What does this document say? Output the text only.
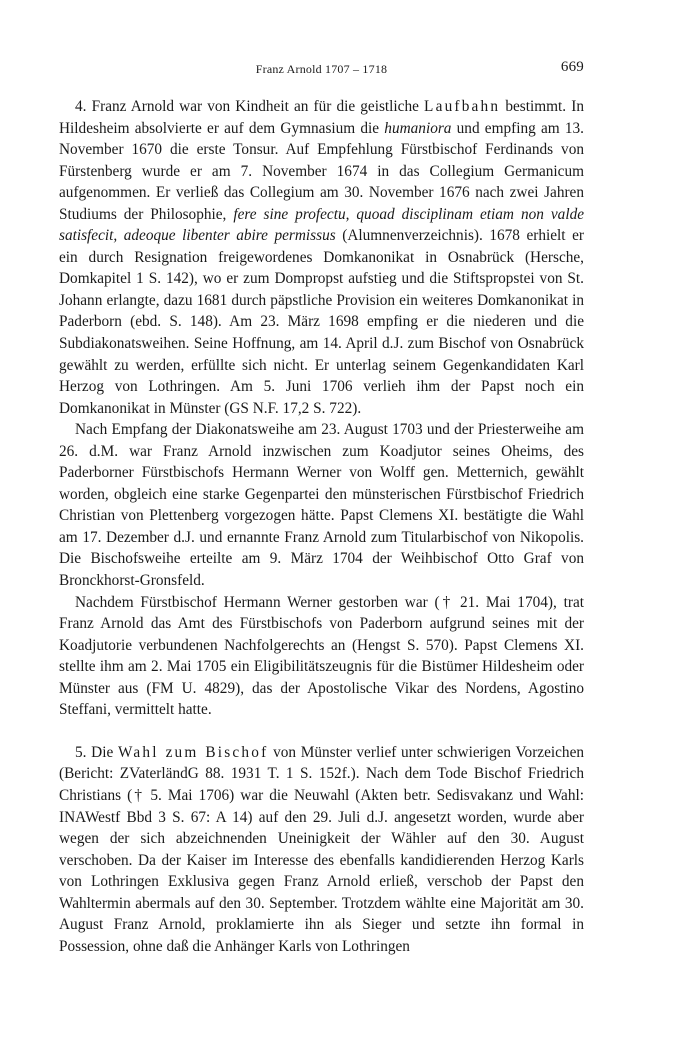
Franz Arnold 1707 – 1718	669

4. Franz Arnold war von Kindheit an für die geistliche Laufbahn bestimmt. In Hildesheim absolvierte er auf dem Gymnasium die humaniora und empfing am 13. November 1670 die erste Tonsur. Auf Empfehlung Fürstbischof Ferdinands von Fürstenberg wurde er am 7. November 1674 in das Collegium Germanicum aufgenommen. Er verließ das Collegium am 30. November 1676 nach zwei Jahren Studiums der Philosophie, fere sine profectu, quoad disciplinam etiam non valde satisfecit, adeoque libenter abire permissus (Alumnenverzeichnis). 1678 erhielt er ein durch Resignation freigewordenes Domkanonikat in Osnabrück (Hersche, Domkapitel 1 S. 142), wo er zum Dompropst aufstieg und die Stiftspropstei von St. Johann erlangte, dazu 1681 durch päpstliche Provision ein weiteres Domkanonikat in Paderborn (ebd. S. 148). Am 23. März 1698 empfing er die niederen und die Subdiakonatsweihen. Seine Hoffnung, am 14. April d.J. zum Bischof von Osnabrück gewählt zu werden, erfüllte sich nicht. Er unterlag seinem Gegenkandidaten Karl Herzog von Lothringen. Am 5. Juni 1706 verlieh ihm der Papst noch ein Domkanonikat in Münster (GS N.F. 17,2 S. 722).

Nach Empfang der Diakonatsweihe am 23. August 1703 und der Priesterweihe am 26. d.M. war Franz Arnold inzwischen zum Koadjutor seines Oheims, des Paderborner Fürstbischofs Hermann Werner von Wolff gen. Metternich, gewählt worden, obgleich eine starke Gegenpartei den münsterischen Fürstbischof Friedrich Christian von Plettenberg vorgezogen hätte. Papst Clemens XI. bestätigte die Wahl am 17. Dezember d.J. und ernannte Franz Arnold zum Titularbischof von Nikopolis. Die Bischofsweihe erteilte am 9. März 1704 der Weihbischof Otto Graf von Bronckhorst-Gronsfeld.

Nachdem Fürstbischof Hermann Werner gestorben war († 21. Mai 1704), trat Franz Arnold das Amt des Fürstbischofs von Paderborn aufgrund seines mit der Koadjutorie verbundenen Nachfolgerechts an (Hengst S. 570). Papst Clemens XI. stellte ihm am 2. Mai 1705 ein Eligibilitätszeugnis für die Bistümer Hildesheim oder Münster aus (FM U. 4829), das der Apostolische Vikar des Nordens, Agostino Steffani, vermittelt hatte.

5. Die Wahl zum Bischof von Münster verlief unter schwierigen Vorzeichen (Bericht: ZVaterländG 88. 1931 T. 1 S. 152f.). Nach dem Tode Bischof Friedrich Christians († 5. Mai 1706) war die Neuwahl (Akten betr. Sedisvakanz und Wahl: INAWestf Bbd 3 S. 67: A 14) auf den 29. Juli d.J. angesetzt worden, wurde aber wegen der sich abzeichnenden Uneinigkeit der Wähler auf den 30. August verschoben. Da der Kaiser im Interesse des ebenfalls kandidierenden Herzog Karls von Lothringen Exklusiva gegen Franz Arnold erließ, verschob der Papst den Wahltermin abermals auf den 30. September. Trotzdem wählte eine Majorität am 30. August Franz Arnold, proklamierte ihn als Sieger und setzte ihn formal in Possession, ohne daß die Anhänger Karls von Lothringen
